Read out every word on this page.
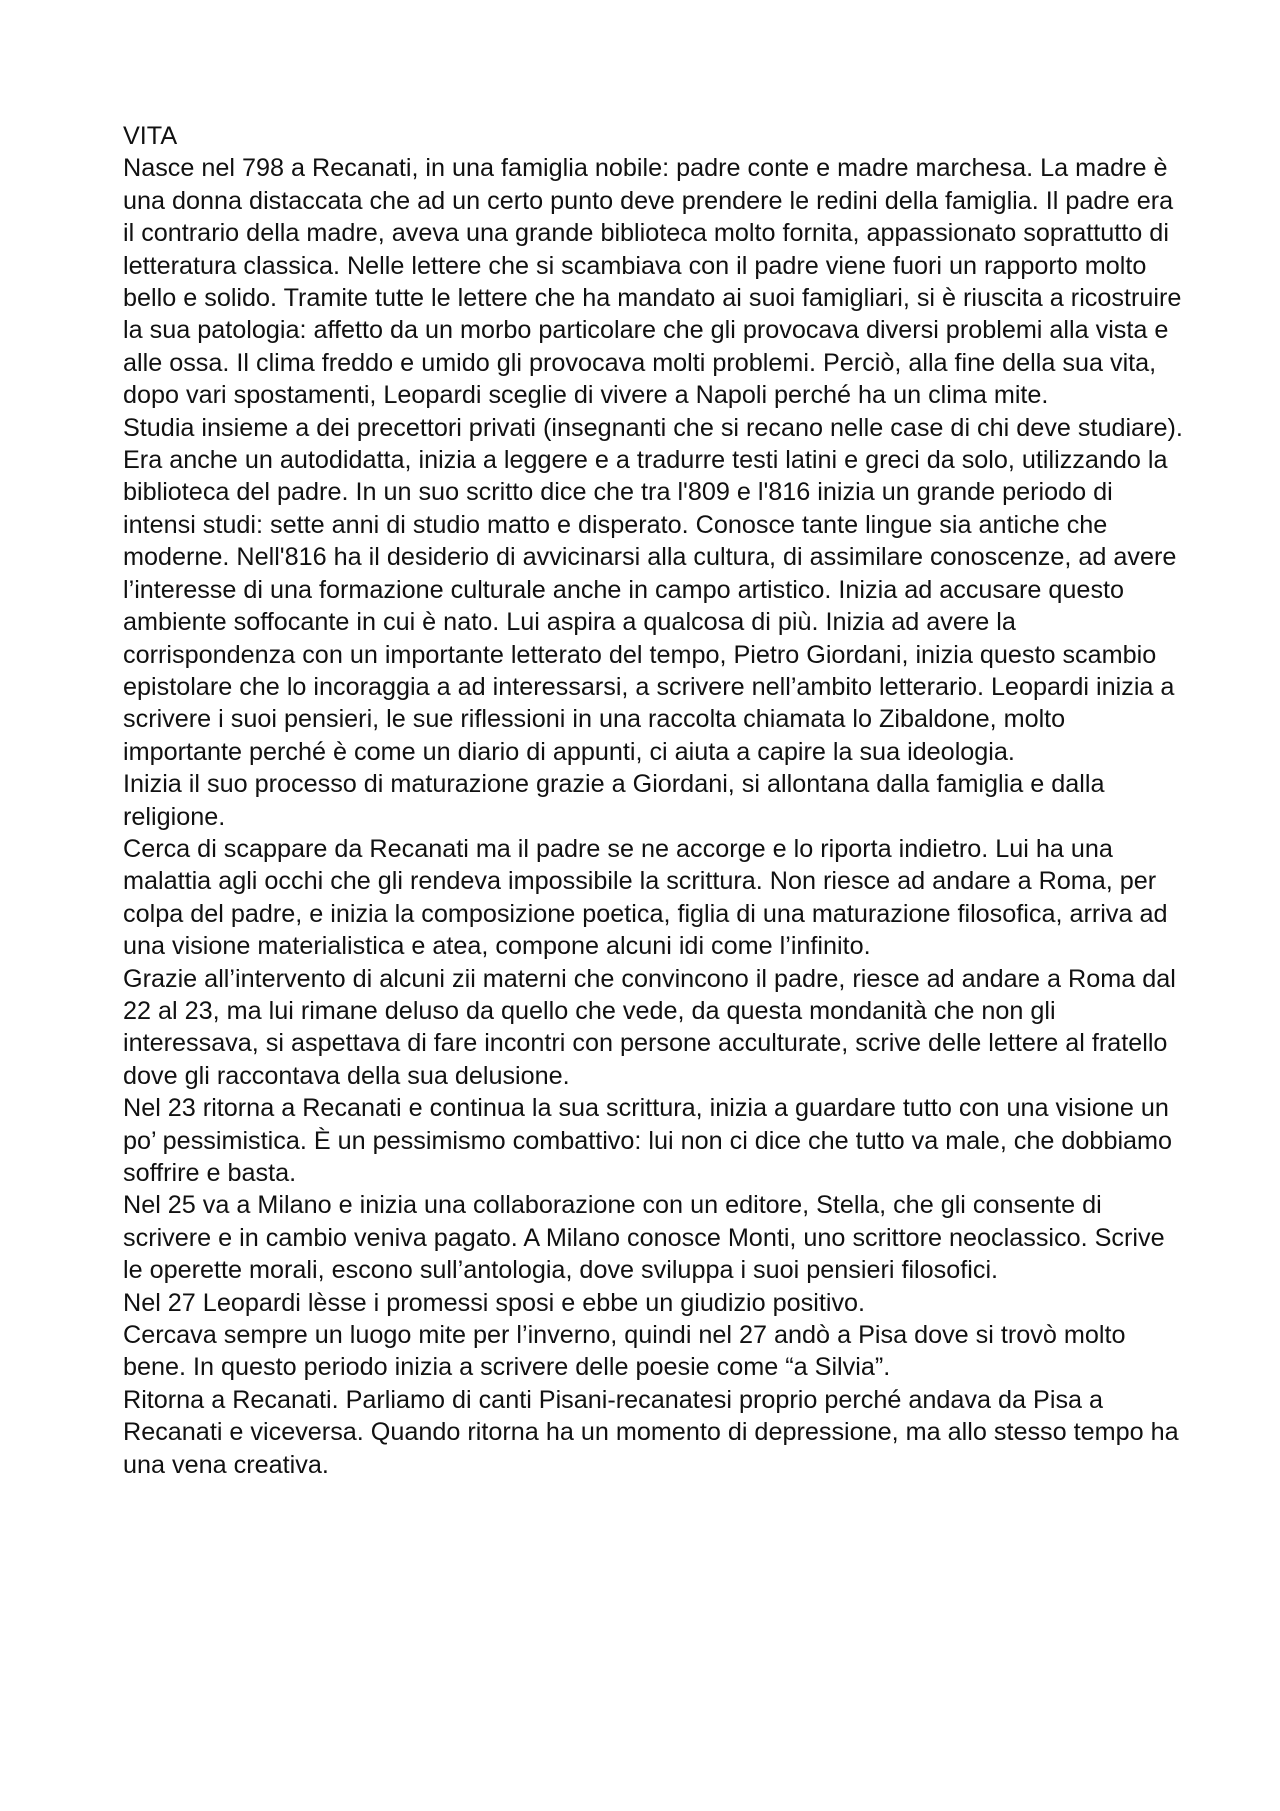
VITA

Nasce nel 798 a Recanati, in una famiglia nobile: padre conte e madre marchesa. La madre è una donna distaccata che ad un certo punto deve prendere le redini della famiglia. Il padre era il contrario della madre, aveva una grande biblioteca molto fornita, appassionato soprattutto di letteratura classica. Nelle lettere che si scambiava con il padre viene fuori un rapporto molto bello e solido. Tramite tutte le lettere che ha mandato ai suoi famigliari, si è riuscita a ricostruire la sua patologia: affetto da un morbo particolare che gli provocava diversi problemi alla vista e alle ossa. Il clima freddo e umido gli provocava molti problemi. Perciò, alla fine della sua vita, dopo vari spostamenti, Leopardi sceglie di vivere a Napoli perché ha un clima mite.

Studia insieme a dei precettori privati (insegnanti che si recano nelle case di chi deve studiare). Era anche un autodidatta, inizia a leggere e a tradurre testi latini e greci da solo, utilizzando la biblioteca del padre. In un suo scritto dice che tra l'809 e l'816 inizia un grande periodo di intensi studi: sette anni di studio matto e disperato. Conosce tante lingue sia antiche che moderne. Nell'816 ha il desiderio di avvicinarsi alla cultura, di assimilare conoscenze, ad avere l’interesse di una formazione culturale anche in campo artistico. Inizia ad accusare questo ambiente soffocante in cui è nato. Lui aspira a qualcosa di più. Inizia ad avere la corrispondenza con un importante letterato del tempo, Pietro Giordani, inizia questo scambio epistolare che lo incoraggia a ad interessarsi, a scrivere nell’ambito letterario. Leopardi inizia a scrivere i suoi pensieri, le sue riflessioni in una raccolta chiamata lo Zibaldone, molto importante perché è come un diario di appunti, ci aiuta a capire la sua ideologia.

Inizia il suo processo di maturazione grazie a Giordani, si allontana dalla famiglia e dalla religione.

Cerca di scappare da Recanati ma il padre se ne accorge e lo riporta indietro. Lui ha una malattia agli occhi che gli rendeva impossibile la scrittura. Non riesce ad andare a Roma, per colpa del padre, e inizia la composizione poetica, figlia di una maturazione filosofica, arriva ad una visione materialistica e atea, compone alcuni idi come l’infinito.

Grazie all’intervento di alcuni zii materni che convincono il padre, riesce ad andare a Roma dal 22 al 23, ma lui rimane deluso da quello che vede, da questa mondanità che non gli interessava, si aspettava di fare incontri con persone acculturate, scrive delle lettere al fratello dove gli raccontava della sua delusione.

Nel 23 ritorna a Recanati e continua la sua scrittura, inizia a guardare tutto con una visione un po’ pessimistica. È un pessimismo combattivo: lui non ci dice che tutto va male, che dobbiamo soffrire e basta.

Nel 25 va a Milano e inizia una collaborazione con un editore, Stella, che gli consente di scrivere e in cambio veniva pagato. A Milano conosce Monti, uno scrittore neoclassico. Scrive le operette morali, escono sull’antologia, dove sviluppa i suoi pensieri filosofici.

Nel 27 Leopardi lèsse i promessi sposi e ebbe un giudizio positivo.

Cercava sempre un luogo mite per l’inverno, quindi nel 27 andò a Pisa dove si trovò molto bene. In questo periodo inizia a scrivere delle poesie come “a Silvia”.

Ritorna a Recanati. Parliamo di canti Pisani-recanatesi proprio perché andava da Pisa a Recanati e viceversa. Quando ritorna ha un momento di depressione, ma allo stesso tempo ha una vena creativa.
